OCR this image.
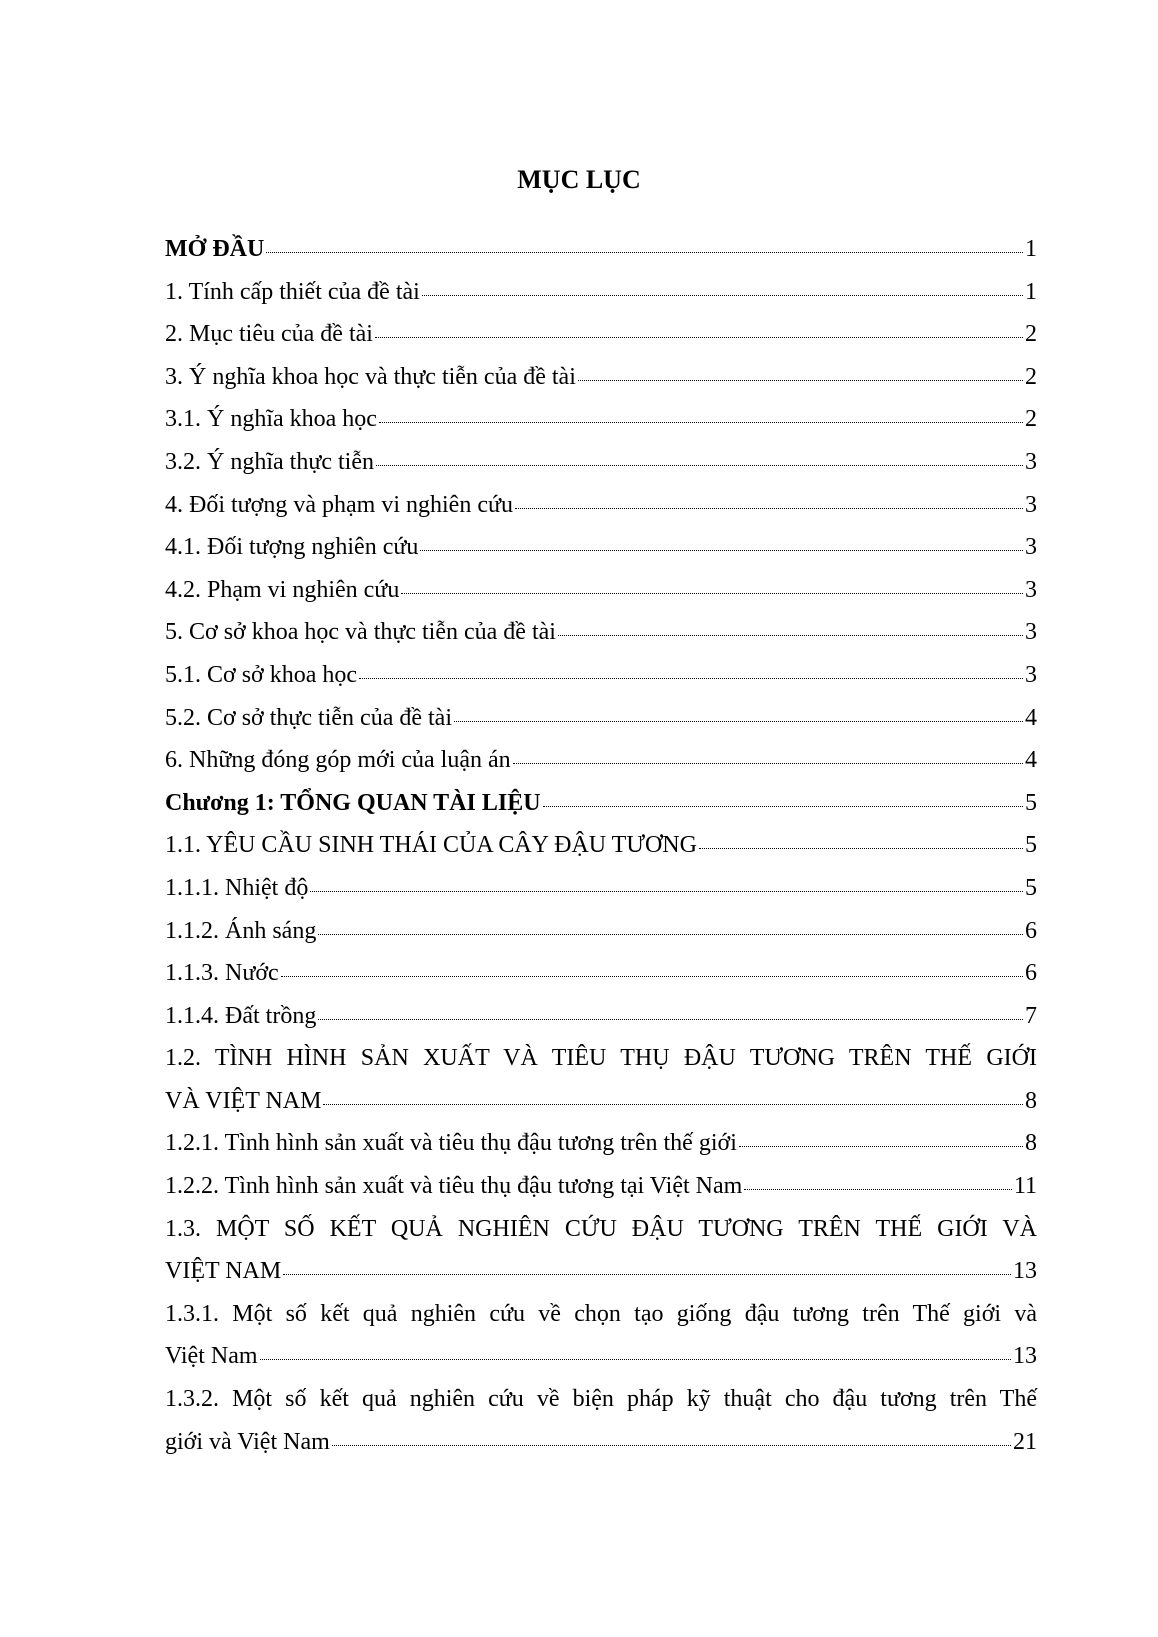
MỤC LỤC
MỞ ĐẦU	1
1. Tính cấp thiết của đề tài	1
2. Mục tiêu của đề tài	2
3. Ý nghĩa khoa học và thực tiễn của đề tài	2
3.1. Ý nghĩa khoa học	2
3.2. Ý nghĩa thực tiễn	3
4. Đối tượng và phạm vi nghiên cứu	3
4.1. Đối tượng nghiên cứu	3
4.2. Phạm vi nghiên cứu	3
5. Cơ sở khoa học và thực tiễn của đề tài	3
5.1. Cơ sở khoa học	3
5.2. Cơ sở thực tiễn của đề tài	4
6. Những đóng góp mới của luận án	4
Chương 1: TỔNG QUAN TÀI LIỆU	5
1.1. YÊU CẦU SINH THÁI CỦA CÂY ĐẬU TƯƠNG	5
1.1.1. Nhiệt độ	5
1.1.2. Ánh sáng	6
1.1.3. Nước	6
1.1.4. Đất trồng	7
1.2. TÌNH HÌNH SẢN XUẤT VÀ TIÊU THỤ ĐẬU TƯƠNG TRÊN THẾ GIỚI
VÀ VIỆT NAM	8
1.2.1. Tình hình sản xuất và tiêu thụ đậu tương trên thế giới	8
1.2.2. Tình hình sản xuất và tiêu thụ đậu tương tại Việt Nam	11
1.3. MỘT SỐ KẾT QUẢ NGHIÊN CỨU ĐẬU TƯƠNG TRÊN THẾ GIỚI VÀ
VIỆT NAM	13
1.3.1. Một số kết quả nghiên cứu về chọn tạo giống đậu tương trên Thế giới và
Việt Nam	13
1.3.2. Một số kết quả nghiên cứu về biện pháp kỹ thuật cho đậu tương trên Thế
giới và Việt Nam	21
